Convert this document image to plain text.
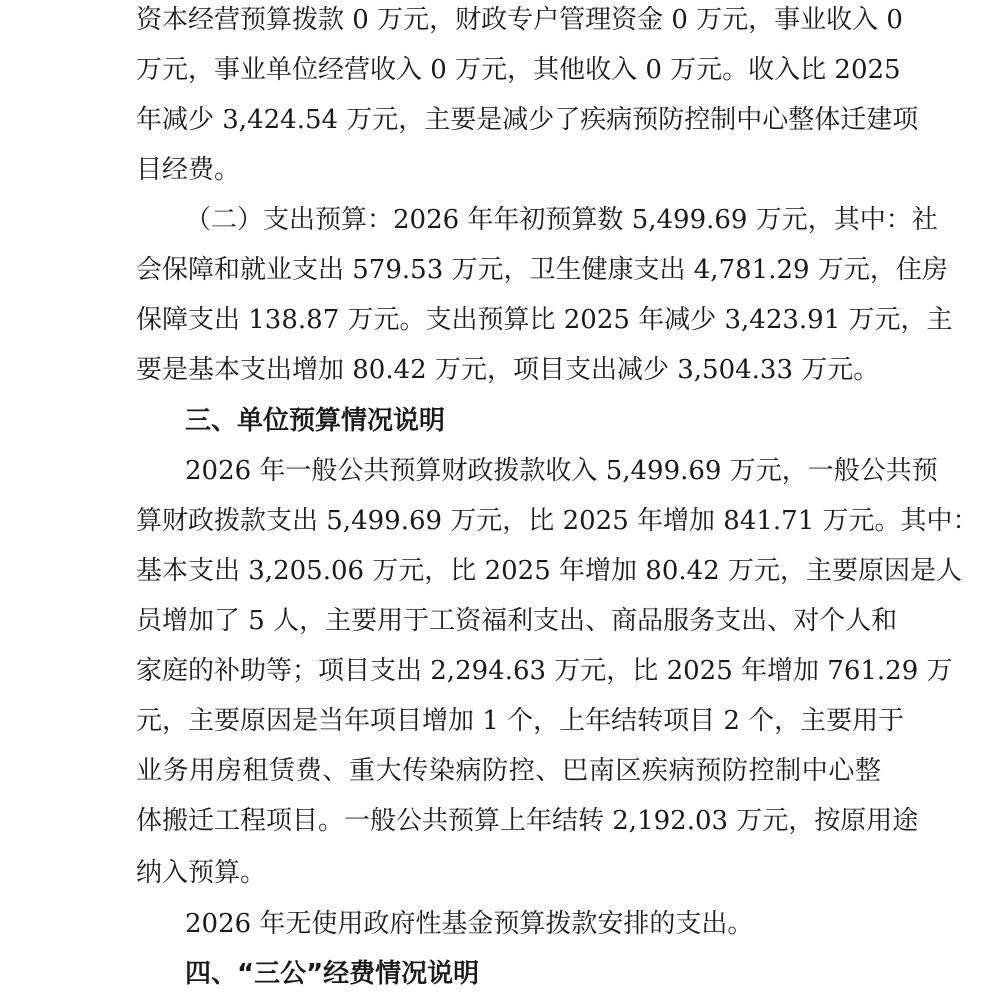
资本经营预算拨款 0 万元，财政专户管理资金 0 万元，事业收入 0
万元，事业单位经营收入 0 万元，其他收入 0 万元。收入比 2025
年减少 3,424.54 万元，主要是减少了疾病预防控制中心整体迁建项
目经费。
（二）支出预算：2026 年年初预算数 5,499.69 万元，其中：社
会保障和就业支出 579.53 万元，卫生健康支出 4,781.29 万元，住房
保障支出 138.87 万元。支出预算比 2025 年减少 3,423.91 万元，主
要是基本支出增加 80.42 万元，项目支出减少 3,504.33 万元。
三、单位预算情况说明
2026 年一般公共预算财政拨款收入 5,499.69 万元，一般公共预
算财政拨款支出 5,499.69 万元，比 2025 年增加 841.71 万元。其中：
基本支出 3,205.06 万元，比 2025 年增加 80.42 万元，主要原因是人
员增加了 5 人，主要用于工资福利支出、商品服务支出、对个人和
家庭的补助等；项目支出 2,294.63 万元，比 2025 年增加 761.29 万
元，主要原因是当年项目增加 1 个，上年结转项目 2 个，主要用于
业务用房租赁费、重大传染病防控、巴南区疾病预防控制中心整
体搬迁工程项目。一般公共预算上年结转 2,192.03 万元，按原用途
纳入预算。
2026 年无使用政府性基金预算拨款安排的支出。
四、“三公”经费情况说明
